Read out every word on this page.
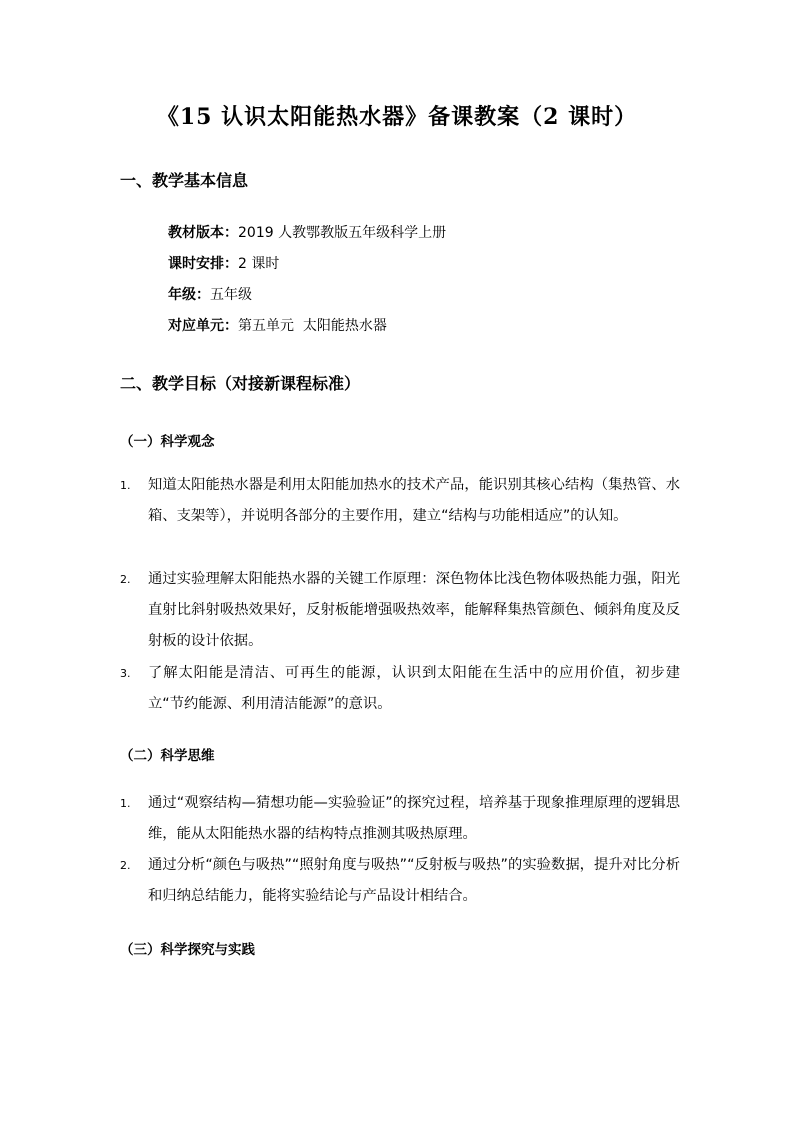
《15 认识太阳能热水器》备课教案（2 课时）
一、教学基本信息
教材版本：2019 人教鄂教版五年级科学上册
课时安排：2 课时
年级：五年级
对应单元：第五单元  太阳能热水器
二、教学目标（对接新课程标准）
（一）科学观念
1. 知道太阳能热水器是利用太阳能加热水的技术产品，能识别其核心结构（集热管、水箱、支架等），并说明各部分的主要作用，建立“结构与功能相适应”的认知。
2. 通过实验理解太阳能热水器的关键工作原理：深色物体比浅色物体吸热能力强，阳光直射比斜射吸热效果好，反射板能增强吸热效率，能解释集热管颜色、倾斜角度及反射板的设计依据。
3. 了解太阳能是清洁、可再生的能源，认识到太阳能在生活中的应用价值，初步建立“节约能源、利用清洁能源”的意识。
（二）科学思维
1. 通过“观察结构—猜想功能—实验验证”的探究过程，培养基于现象推理原理的逻辑思维，能从太阳能热水器的结构特点推测其吸热原理。
2. 通过分析“颜色与吸热”“照射角度与吸热”“反射板与吸热”的实验数据，提升对比分析和归纳总结能力，能将实验结论与产品设计相结合。
（三）科学探究与实践
